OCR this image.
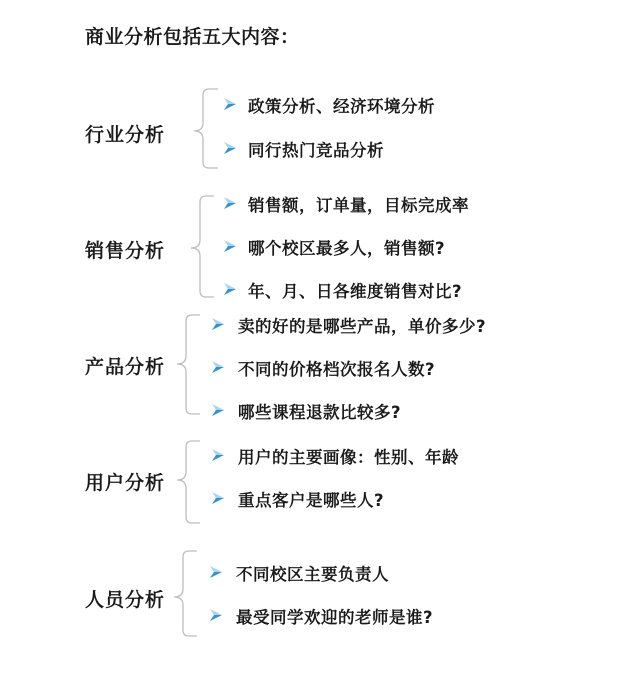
商业分析包括五大内容：
行业分析
政策分析、经济环境分析
同行热门竞品分析
销售分析
销售额，订单量，目标完成率
哪个校区最多人，销售额?
年、月、日各维度销售对比?
产品分析
卖的好的是哪些产品，单价多少?
不同的价格档次报名人数?
哪些课程退款比较多?
用户分析
用户的主要画像：性别、年龄
重点客户是哪些人?
人员分析
不同校区主要负责人
最受同学欢迎的老师是谁?
